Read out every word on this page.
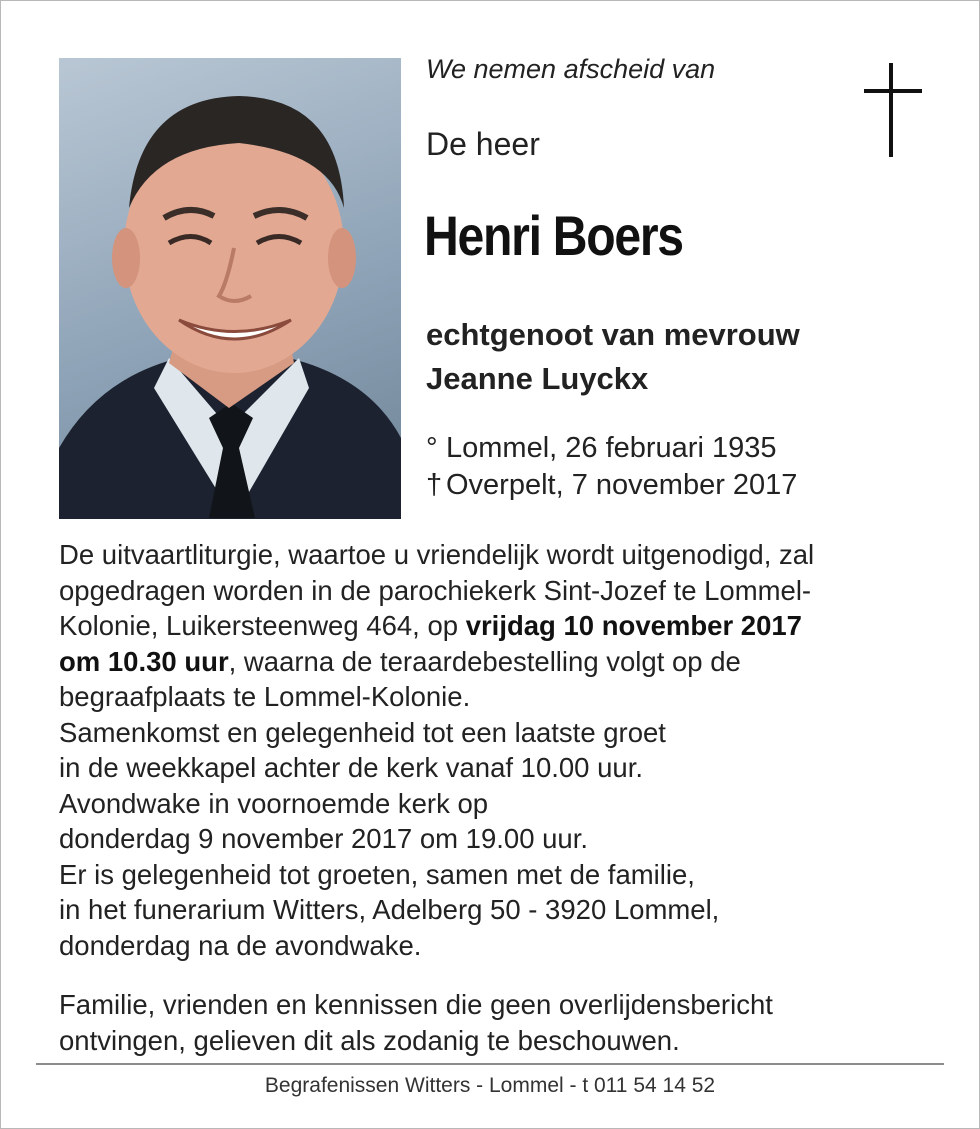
We nemen afscheid van
De heer
Henri Boers
echtgenoot van mevrouw
Jeanne Luyckx
° Lommel, 26 februari 1935
† Overpelt, 7 november 2017
De uitvaartliturgie, waartoe u vriendelijk wordt uitgenodigd, zal
opgedragen worden in de parochiekerk Sint-Jozef te Lommel-
Kolonie, Luikersteenweg 464, op vrijdag 10 november 2017
om 10.30 uur, waarna de teraardebestelling volgt op de
begraafplaats te Lommel-Kolonie.
Samenkomst en gelegenheid tot een laatste groet
in de weekkapel achter de kerk vanaf 10.00 uur.
Avondwake in voornoemde kerk op
donderdag 9 november 2017 om 19.00 uur.
Er is gelegenheid tot groeten, samen met de familie,
in het funerarium Witters, Adelberg 50 - 3920 Lommel,
donderdag na de avondwake.
Familie, vrienden en kennissen die geen overlijdensbericht
ontvingen, gelieven dit als zodanig te beschouwen.
Begrafenissen Witters - Lommel - t 011 54 14 52
